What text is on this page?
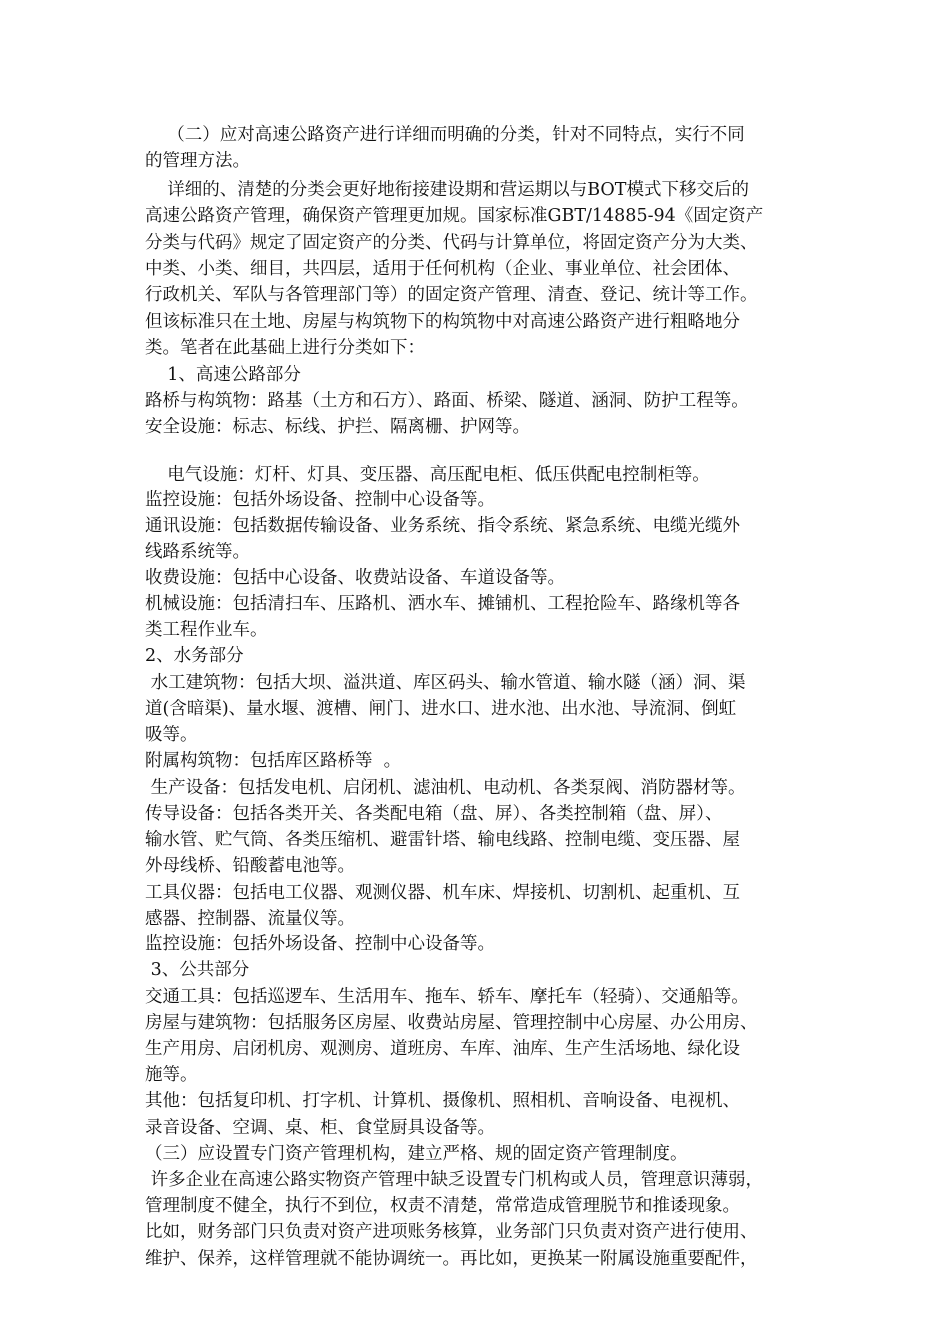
（二）应对高速公路资产进行详细而明确的分类，针对不同特点，实行不同
的管理方法。
详细的、清楚的分类会更好地衔接建设期和营运期以与BOT模式下移交后的
高速公路资产管理，确保资产管理更加规。国家标准GBT/14885-94《固定资产
分类与代码》规定了固定资产的分类、代码与计算单位，将固定资产分为大类、
中类、小类、细目，共四层，适用于任何机构（企业、事业单位、社会团体、
行政机关、军队与各管理部门等）的固定资产管理、清查、登记、统计等工作。
但该标准只在土地、房屋与构筑物下的构筑物中对高速公路资产进行粗略地分
类。笔者在此基础上进行分类如下：
1、高速公路部分
路桥与构筑物：路基（土方和石方）、路面、桥梁、隧道、涵洞、防护工程等。
安全设施：标志、标线、护拦、隔离栅、护网等。
电气设施：灯杆、灯具、变压器、高压配电柜、低压供配电控制柜等。
监控设施：包括外场设备、控制中心设备等。
通讯设施：包括数据传输设备、业务系统、指令系统、紧急系统、电缆光缆外
线路系统等。
收费设施：包括中心设备、收费站设备、车道设备等。
机械设施：包括清扫车、压路机、洒水车、摊铺机、工程抢险车、路缘机等各
类工程作业车。
2、水务部分
水工建筑物：包括大坝、溢洪道、库区码头、输水管道、输水隧（涵）洞、渠
道(含暗渠)、量水堰、渡槽、闸门、进水口、进水池、出水池、导流洞、倒虹
吸等。
附属构筑物：包括库区路桥等  。
生产设备：包括发电机、启闭机、滤油机、电动机、各类泵阀、消防器材等。
传导设备：包括各类开关、各类配电箱（盘、屏）、各类控制箱（盘、屏）、
输水管、贮气筒、各类压缩机、避雷针塔、输电线路、控制电缆、变压器、屋
外母线桥、铅酸蓄电池等。
工具仪器：包括电工仪器、观测仪器、机车床、焊接机、切割机、起重机、互
感器、控制器、流量仪等。
监控设施：包括外场设备、控制中心设备等。
3、公共部分
交通工具：包括巡逻车、生活用车、拖车、轿车、摩托车（轻骑）、交通船等。
房屋与建筑物：包括服务区房屋、收费站房屋、管理控制中心房屋、办公用房、
生产用房、启闭机房、观测房、道班房、车库、油库、生产生活场地、绿化设
施等。
其他：包括复印机、打字机、计算机、摄像机、照相机、音响设备、电视机、
录音设备、空调、桌、柜、食堂厨具设备等。
（三）应设置专门资产管理机构，建立严格、规的固定资产管理制度。
许多企业在高速公路实物资产管理中缺乏设置专门机构或人员，管理意识薄弱，
管理制度不健全，执行不到位，权责不清楚，常常造成管理脱节和推诿现象。
比如，财务部门只负责对资产进项账务核算，业务部门只负责对资产进行使用、
维护、保养，这样管理就不能协调统一。再比如，更换某一附属设施重要配件，
